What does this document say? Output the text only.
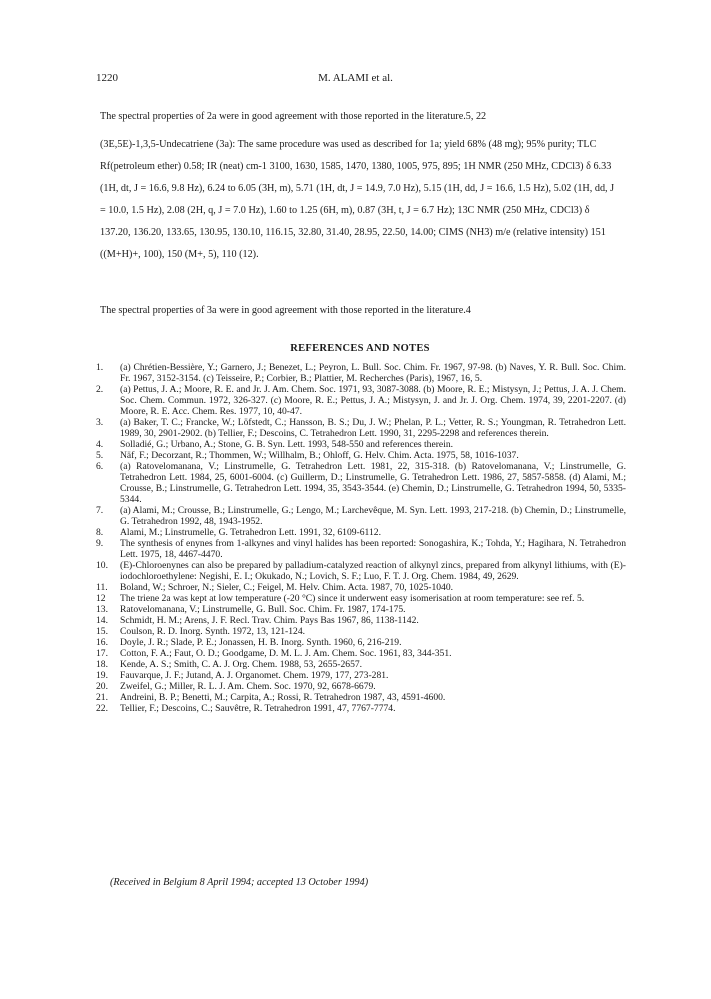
1220	M. ALAMI et al.

The spectral properties of 2a were in good agreement with those reported in the literature.5, 22

(3E,5E)-1,3,5-Undecatriene (3a): The same procedure was used as described for 1a; yield 68% (48 mg); 95% purity; TLC Rf(petroleum ether) 0.58; IR (neat) cm-1 3100, 1630, 1585, 1470, 1380, 1005, 975, 895; 1H NMR (250 MHz, CDCl3) δ 6.33 (1H, dt, J = 16.6, 9.8 Hz), 6.24 to 6.05 (3H, m), 5.71 (1H, dt, J = 14.9, 7.0 Hz), 5.15 (1H, dd, J = 16.6, 1.5 Hz), 5.02 (1H, dd, J = 10.0, 1.5 Hz), 2.08 (2H, q, J = 7.0 Hz), 1.60 to 1.25 (6H, m), 0.87 (3H, t, J = 6.7 Hz); 13C NMR (250 MHz, CDCl3) δ 137.20, 136.20, 133.65, 130.95, 130.10, 116.15, 32.80, 31.40, 28.95, 22.50, 14.00; CIMS (NH3) m/e (relative intensity) 151 ((M+H)+, 100), 150 (M+, 5), 110 (12).

The spectral properties of 3a were in good agreement with those reported in the literature.4

REFERENCES AND NOTES
1.	(a) Chrétien-Bessière, Y.; Garnero, J.; Benezet, L.; Peyron, L. Bull. Soc. Chim. Fr. 1967, 97-98. (b) Naves, Y. R. Bull. Soc. Chim. Fr. 1967, 3152-3154. (c) Teisseire, P.; Corbier, B.; Plattier, M. Recherches (Paris), 1967, 16, 5.
2.	(a) Pettus, J. A.; Moore, R. E. and Jr. J. Am. Chem. Soc. 1971, 93, 3087-3088. (b) Moore, R. E.; Mistysyn, J.; Pettus, J. A. J. Chem. Soc. Chem. Commun. 1972, 326-327. (c) Moore, R. E.; Pettus, J. A.; Mistysyn, J. and Jr. J. Org. Chem. 1974, 39, 2201-2207. (d) Moore, R. E. Acc. Chem. Res. 1977, 10, 40-47.
3.	(a) Baker, T. C.; Francke, W.; Löfstedt, C.; Hansson, B. S.; Du, J. W.; Phelan, P. L.; Vetter, R. S.; Youngman, R. Tetrahedron Lett. 1989, 30, 2901-2902. (b) Tellier, F.; Descoins, C. Tetrahedron Lett. 1990, 31, 2295-2298 and references therein.
4.	Solladié, G.; Urbano, A.; Stone, G. B. Syn. Lett. 1993, 548-550 and references therein.
5.	Näf, F.; Decorzant, R.; Thommen, W.; Willhalm, B.; Ohloff, G. Helv. Chim. Acta. 1975, 58, 1016-1037.
6.	(a) Ratovelomanana, V.; Linstrumelle, G. Tetrahedron Lett. 1981, 22, 315-318. (b) Ratovelomanana, V.; Linstrumelle, G. Tetrahedron Lett. 1984, 25, 6001-6004. (c) Guillerm, D.; Linstrumelle, G. Tetrahedron Lett. 1986, 27, 5857-5858. (d) Alami, M.; Crousse, B.; Linstrumelle, G. Tetrahedron Lett. 1994, 35, 3543-3544. (e) Chemin, D.; Linstrumelle, G. Tetrahedron 1994, 50, 5335-5344.
7.	(a) Alami, M.; Crousse, B.; Linstrumelle, G.; Lengo, M.; Larchevêque, M. Syn. Lett. 1993, 217-218. (b) Chemin, D.; Linstrumelle, G. Tetrahedron 1992, 48, 1943-1952.
8.	Alami, M.; Linstrumelle, G. Tetrahedron Lett. 1991, 32, 6109-6112.
9.	The synthesis of enynes from 1-alkynes and vinyl halides has been reported: Sonogashira, K.; Tohda, Y.; Hagihara, N. Tetrahedron Lett. 1975, 18, 4467-4470.
10.	(E)-Chloroenynes can also be prepared by palladium-catalyzed reaction of alkynyl zincs, prepared from alkynyl lithiums, with (E)-iodochloroethylene: Negishi, E. I.; Okukado, N.; Lovich, S. F.; Luo, F. T. J. Org. Chem. 1984, 49, 2629.
11.	Boland, W.; Schroer, N.; Sieler, C.; Feigel, M. Helv. Chim. Acta. 1987, 70, 1025-1040.
12	The triene 2a was kept at low temperature (-20 °C) since it underwent easy isomerisation at room temperature: see ref. 5.
13.	Ratovelomanana, V.; Linstrumelle, G. Bull. Soc. Chim. Fr. 1987, 174-175.
14.	Schmidt, H. M.; Arens, J. F. Recl. Trav. Chim. Pays Bas 1967, 86, 1138-1142.
15.	Coulson, R. D. Inorg. Synth. 1972, 13, 121-124.
16.	Doyle, J. R.; Slade, P. E.; Jonassen, H. B. Inorg. Synth. 1960, 6, 216-219.
17.	Cotton, F. A.; Faut, O. D.; Goodgame, D. M. L. J. Am. Chem. Soc. 1961, 83, 344-351.
18.	Kende, A. S.; Smith, C. A. J. Org. Chem. 1988, 53, 2655-2657.
19.	Fauvarque, J. F.; Jutand, A. J. Organomet. Chem. 1979, 177, 273-281.
20.	Zweifel, G.; Miller, R. L. J. Am. Chem. Soc. 1970, 92, 6678-6679.
21.	Andreini, B. P.; Benetti, M.; Carpita, A.; Rossi, R. Tetrahedron 1987, 43, 4591-4600.
22.	Tellier, F.; Descoins, C.; Sauvêtre, R. Tetrahedron 1991, 47, 7767-7774.
(Received in Belgium 8 April 1994; accepted 13 October 1994)
